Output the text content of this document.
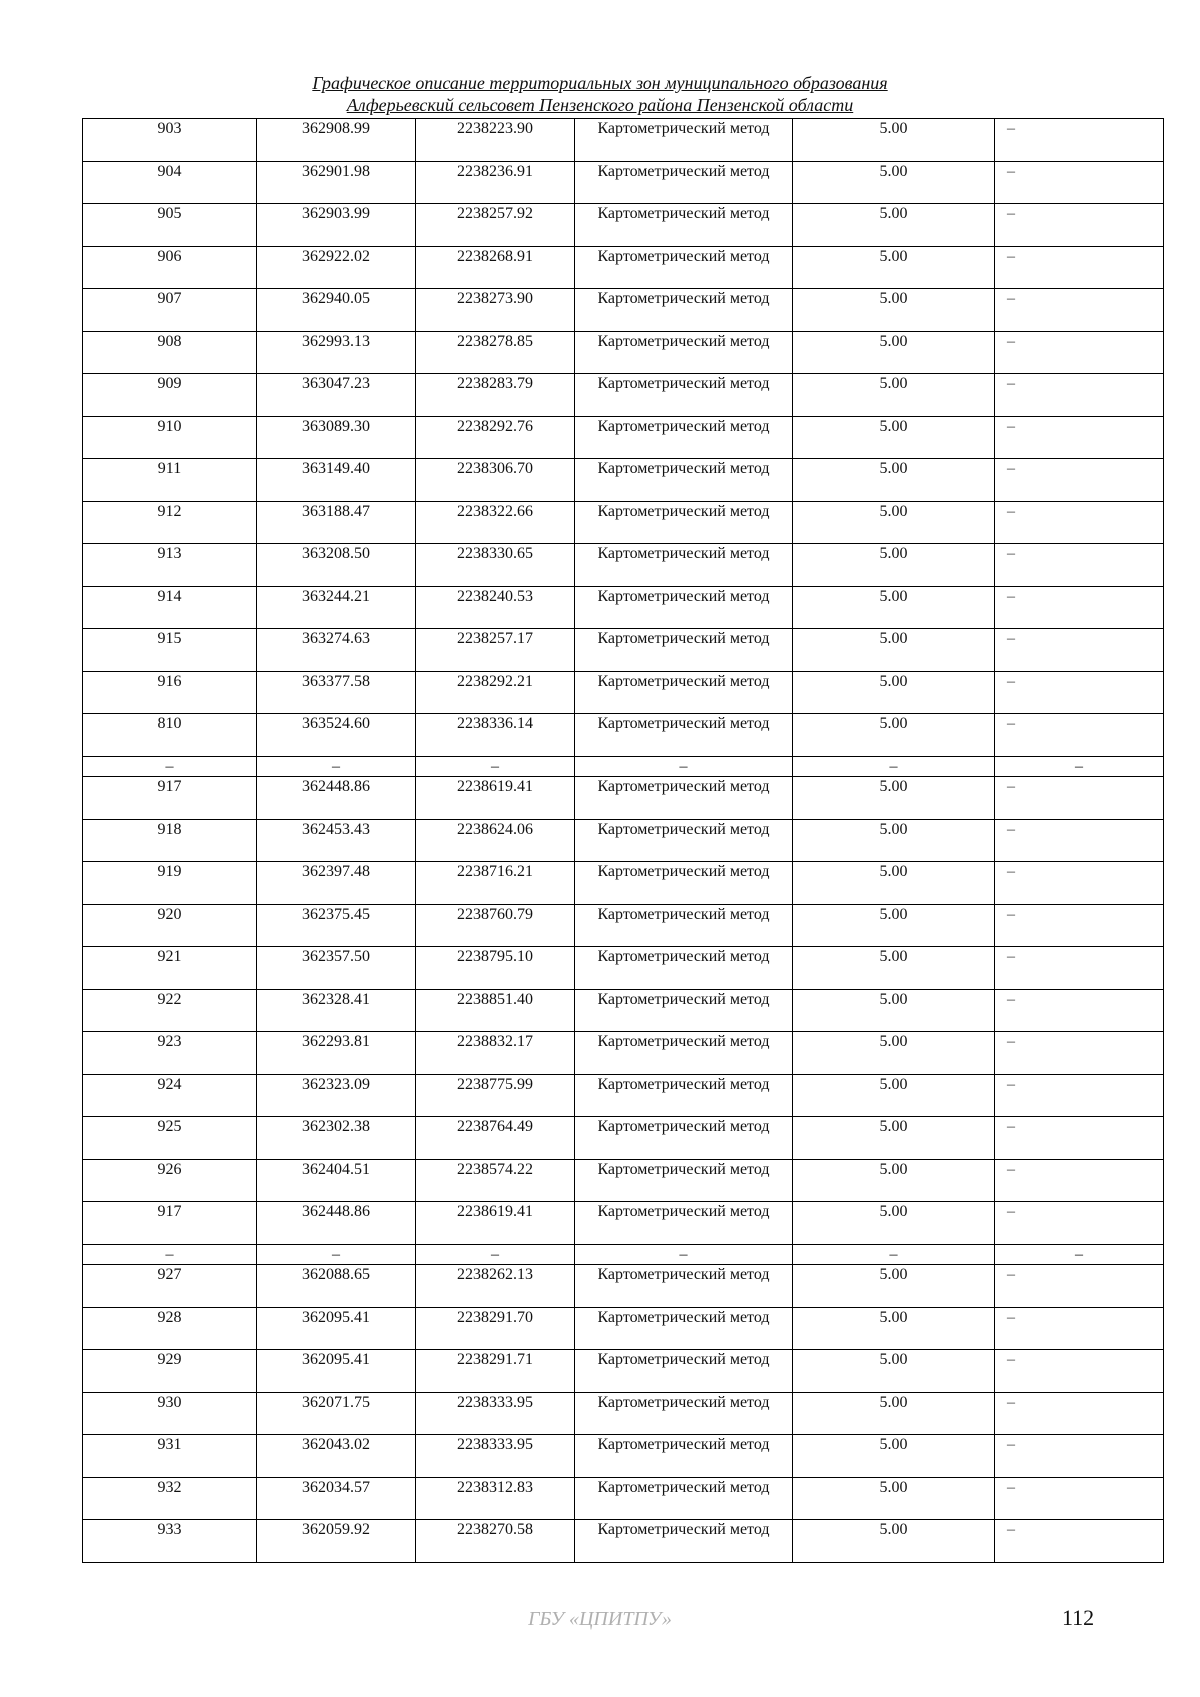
Графическое описание территориальных зон муниципального образования
Алферьевский сельсовет Пензенского района Пензенской области
903	362908.99	2238223.90	Картометрический метод	5.00	–
904	362901.98	2238236.91	Картометрический метод	5.00	–
905	362903.99	2238257.92	Картометрический метод	5.00	–
906	362922.02	2238268.91	Картометрический метод	5.00	–
907	362940.05	2238273.90	Картометрический метод	5.00	–
908	362993.13	2238278.85	Картометрический метод	5.00	–
909	363047.23	2238283.79	Картометрический метод	5.00	–
910	363089.30	2238292.76	Картометрический метод	5.00	–
911	363149.40	2238306.70	Картометрический метод	5.00	–
912	363188.47	2238322.66	Картометрический метод	5.00	–
913	363208.50	2238330.65	Картометрический метод	5.00	–
914	363244.21	2238240.53	Картометрический метод	5.00	–
915	363274.63	2238257.17	Картометрический метод	5.00	–
916	363377.58	2238292.21	Картометрический метод	5.00	–
810	363524.60	2238336.14	Картометрический метод	5.00	–
–	–	–	–	–	–
917	362448.86	2238619.41	Картометрический метод	5.00	–
918	362453.43	2238624.06	Картометрический метод	5.00	–
919	362397.48	2238716.21	Картометрический метод	5.00	–
920	362375.45	2238760.79	Картометрический метод	5.00	–
921	362357.50	2238795.10	Картометрический метод	5.00	–
922	362328.41	2238851.40	Картометрический метод	5.00	–
923	362293.81	2238832.17	Картометрический метод	5.00	–
924	362323.09	2238775.99	Картометрический метод	5.00	–
925	362302.38	2238764.49	Картометрический метод	5.00	–
926	362404.51	2238574.22	Картометрический метод	5.00	–
917	362448.86	2238619.41	Картометрический метод	5.00	–
–	–	–	–	–	–
927	362088.65	2238262.13	Картометрический метод	5.00	–
928	362095.41	2238291.70	Картометрический метод	5.00	–
929	362095.41	2238291.71	Картометрический метод	5.00	–
930	362071.75	2238333.95	Картометрический метод	5.00	–
931	362043.02	2238333.95	Картометрический метод	5.00	–
932	362034.57	2238312.83	Картометрический метод	5.00	–
933	362059.92	2238270.58	Картометрический метод	5.00	–
ГБУ «ЦПИТПУ»	112
